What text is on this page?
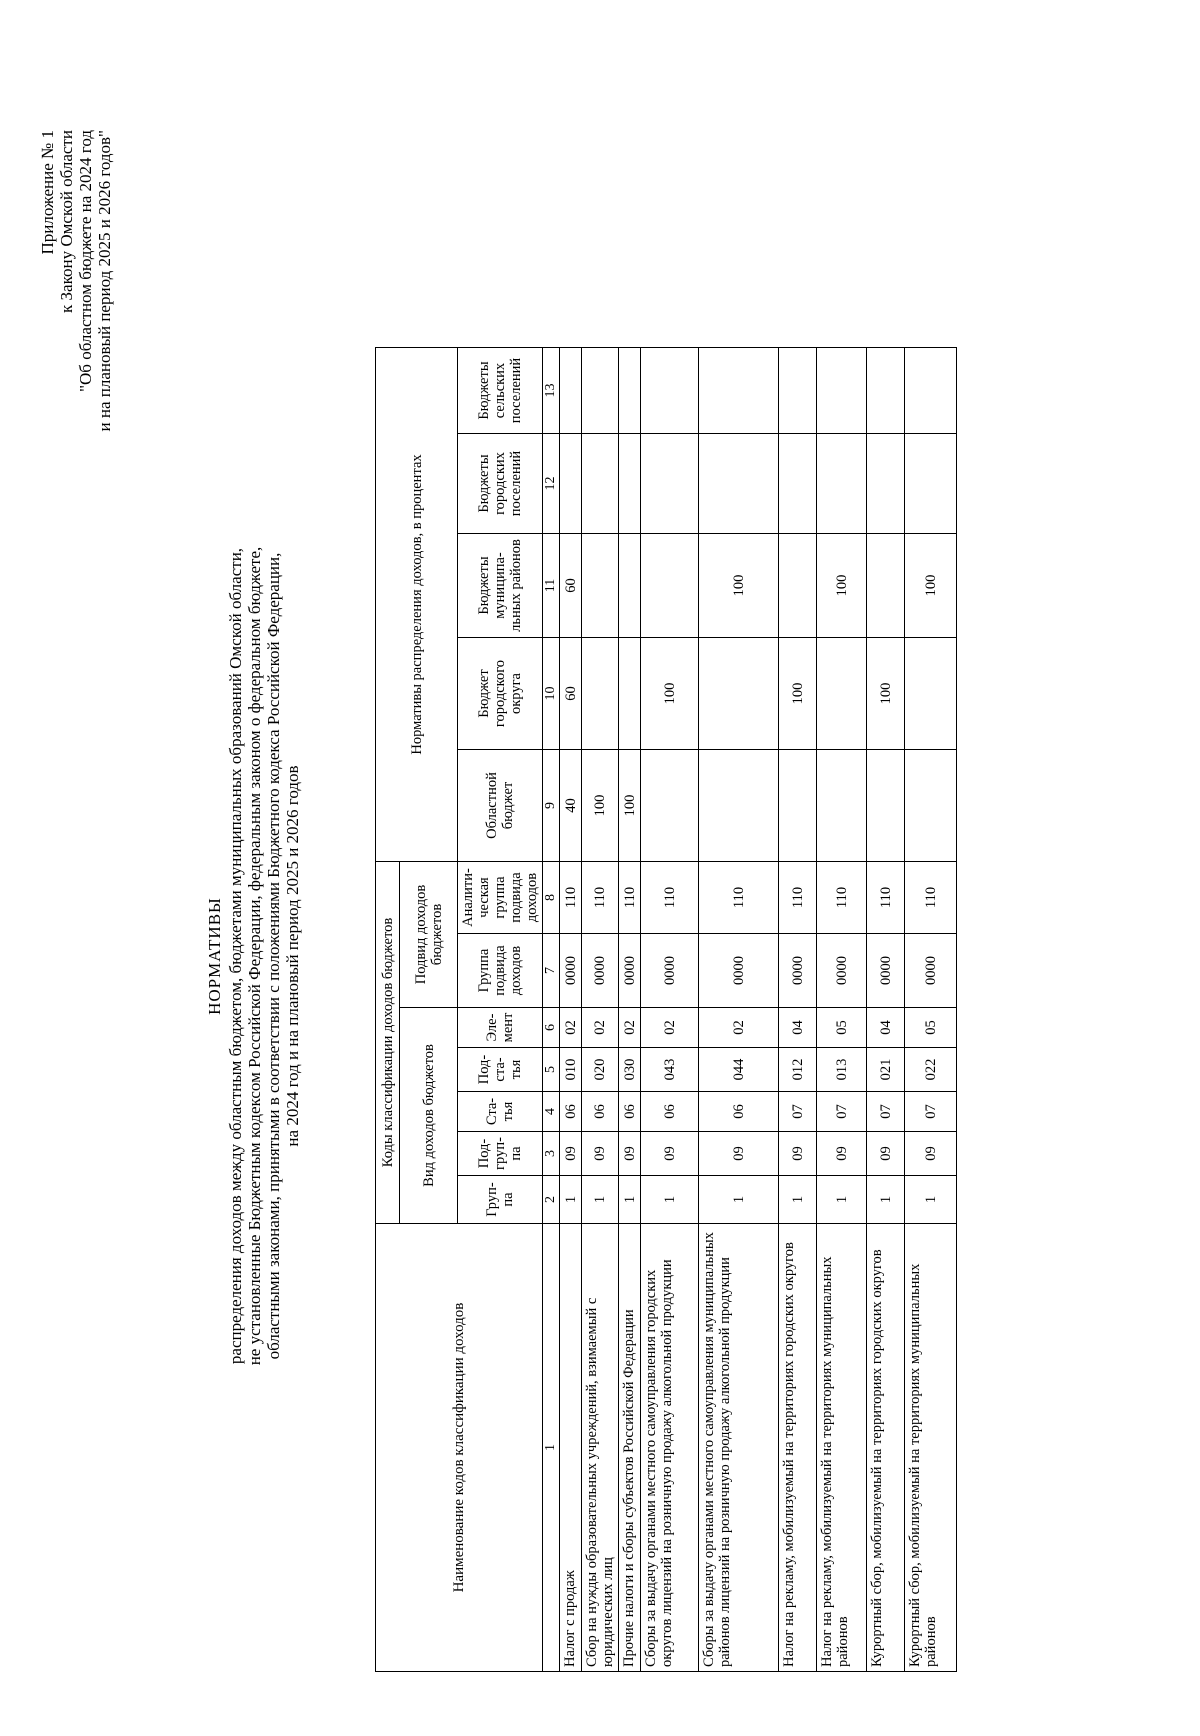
Приложение № 1 к Закону Омской области "Об областном бюджете на 2024 год и на плановый период 2025 и 2026 годов"
НОРМАТИВЫ распределения доходов между областным бюджетом, бюджетами муниципальных образований Омской области, не установленные Бюджетным кодексом Российской Федерации, федеральным законом о федеральном бюджете, областными законами, принятыми в соответствии с положениями Бюджетного кодекса Российской Федерации, на 2024 год и на плановый период 2025 и 2026 годов
Наименование кодов классификации доходов	Коды классификации доходов бюджетов							Нормативы распределения доходов, в процентах				
	Вид доходов бюджетов					Подвид доходов бюджетов						
	Груп-па	Под-груп-па	Ста-тья	Под-ста-тья	Эле-мент	Группа подвида доходов	Аналити-ческая группа подвида доходов	Областной бюджет	Бюджет городского округа	Бюджеты муниципа-льных районов	Бюджеты городских поселений	Бюджеты сельских поселений
1	2	3	4	5	6	7	8	9	10	11	12	13
Налог с продаж	1	09	06	010	02	0000	110	40	60	60		
Сбор на нужды образовательных учреждений, взимаемый с юридических лиц	1	09	06	020	02	0000	110	100				
Прочие налоги и сборы субъектов Российской Федерации	1	09	06	030	02	0000	110	100				
Сборы за выдачу органами местного самоуправления городских округов лицензий на розничную продажу алкогольной продукции	1	09	06	043	02	0000	110		100			
Сборы за выдачу органами местного самоуправления муниципальных районов лицензий на розничную продажу алкогольной продукции	1	09	06	044	02	0000	110			100		
Налог на рекламу, мобилизуемый на территориях городских округов	1	09	07	012	04	0000	110		100			
Налог на рекламу, мобилизуемый на территориях муниципальных районов	1	09	07	013	05	0000	110			100		
Курортный сбор, мобилизуемый на территориях городских округов	1	09	07	021	04	0000	110		100			
Курортный сбор, мобилизуемый на территориях муниципальных районов	1	09	07	022	05	0000	110			100		
